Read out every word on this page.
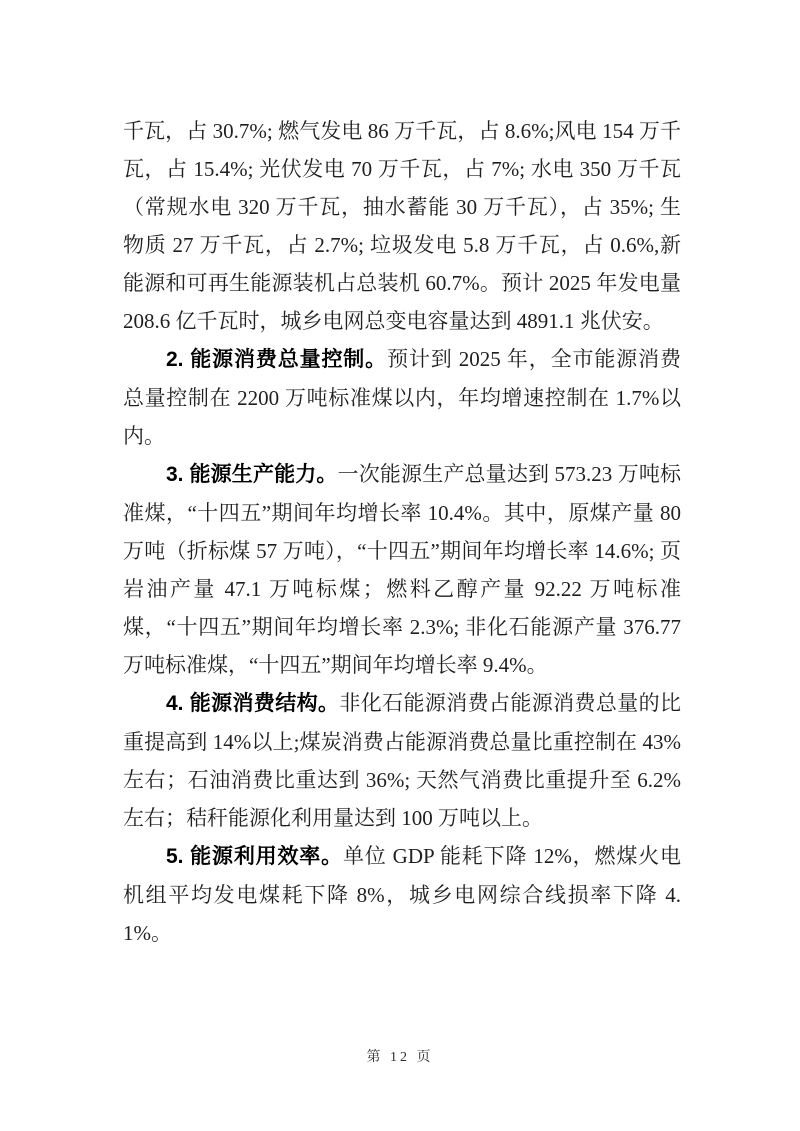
千瓦，占 30.7%; 燃气发电 86 万千瓦，占 8.6%;风电 154 万千瓦，占 15.4%; 光伏发电 70 万千瓦，占 7%; 水电 350 万千瓦（常规水电 320 万千瓦，抽水蓄能 30 万千瓦），占 35%; 生物质 27 万千瓦，占 2.7%; 垃圾发电 5.8 万千瓦，占 0.6%,新能源和可再生能源装机占总装机 60.7%。预计 2025 年发电量 208.6 亿千瓦时，城乡电网总变电容量达到 4891.1 兆伏安。

2. 能源消费总量控制。预计到 2025 年，全市能源消费总量控制在 2200 万吨标准煤以内，年均增速控制在 1.7%以内。

3. 能源生产能力。一次能源生产总量达到 573.23 万吨标准煤，“十四五”期间年均增长率 10.4%。其中，原煤产量 80 万吨（折标煤 57 万吨），“十四五”期间年均增长率 14.6%; 页岩油产量 47.1 万吨标煤；燃料乙醇产量 92.22 万吨标准煤，“十四五”期间年均增长率 2.3%; 非化石能源产量 376.77 万吨标准煤，“十四五”期间年均增长率 9.4%。

4. 能源消费结构。非化石能源消费占能源消费总量的比重提高到 14%以上;煤炭消费占能源消费总量比重控制在 43%左右；石油消费比重达到 36%; 天然气消费比重提升至 6.2%左右；秸秆能源化利用量达到 100 万吨以上。

5. 能源利用效率。单位 GDP 能耗下降 12%，燃煤火电机组平均发电煤耗下降 8%，城乡电网综合线损率下降 4.1%。

第 12 页
